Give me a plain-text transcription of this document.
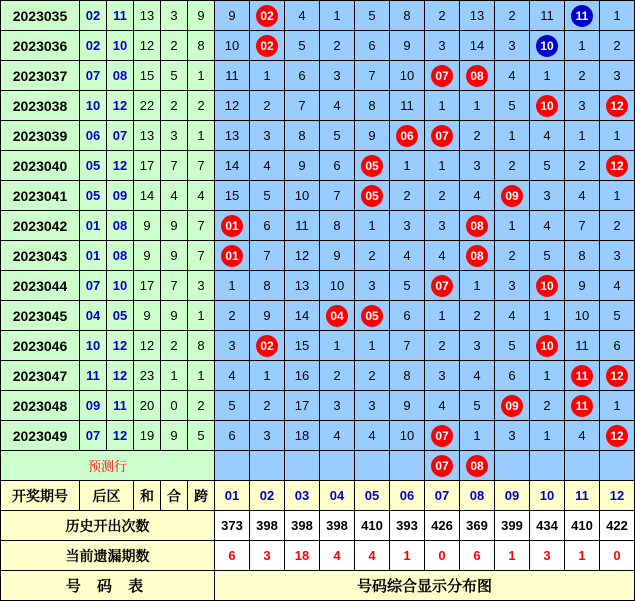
2023035	02	11	13	3	9	9	02	4	1	5	8	2	13	2	11	11	1
2023036	02	10	12	2	8	10	02	5	2	6	9	3	14	3	10	1	2
2023037	07	08	15	5	1	11	1	6	3	7	10	07	08	4	1	2	3
2023038	10	12	22	2	2	12	2	7	4	8	11	1	1	5	10	3	12
2023039	06	07	13	3	1	13	3	8	5	9	06	07	2	1	4	1	1
2023040	05	12	17	7	7	14	4	9	6	05	1	1	3	2	5	2	12
2023041	05	09	14	4	4	15	5	10	7	05	2	2	4	09	3	4	1
2023042	01	08	9	9	7	01	6	11	8	1	3	3	08	1	4	7	2
2023043	01	08	9	9	7	01	7	12	9	2	4	4	08	2	5	8	3
2023044	07	10	17	7	3	1	8	13	10	3	5	07	1	3	10	9	4
2023045	04	05	9	9	1	2	9	14	04	05	6	1	2	4	1	10	5
2023046	10	12	12	2	8	3	02	15	1	1	7	2	3	5	10	11	6
2023047	11	12	23	1	1	4	1	16	2	2	8	3	4	6	1	11	12
2023048	09	11	20	0	2	5	2	17	3	3	9	4	5	09	2	11	1
2023049	07	12	19	9	5	6	3	18	4	4	10	07	1	3	1	4	12
预测行												07	08				
开奖期号	后区		和	合	跨	01	02	03	04	05	06	07	08	09	10	11	12
历史开出次数						373	398	398	398	410	393	426	369	399	434	410	422
当前遗漏期数						6	3	18	4	4	1	0	6	1	3	1	0
号 码 表						号码综合显示分布图											
